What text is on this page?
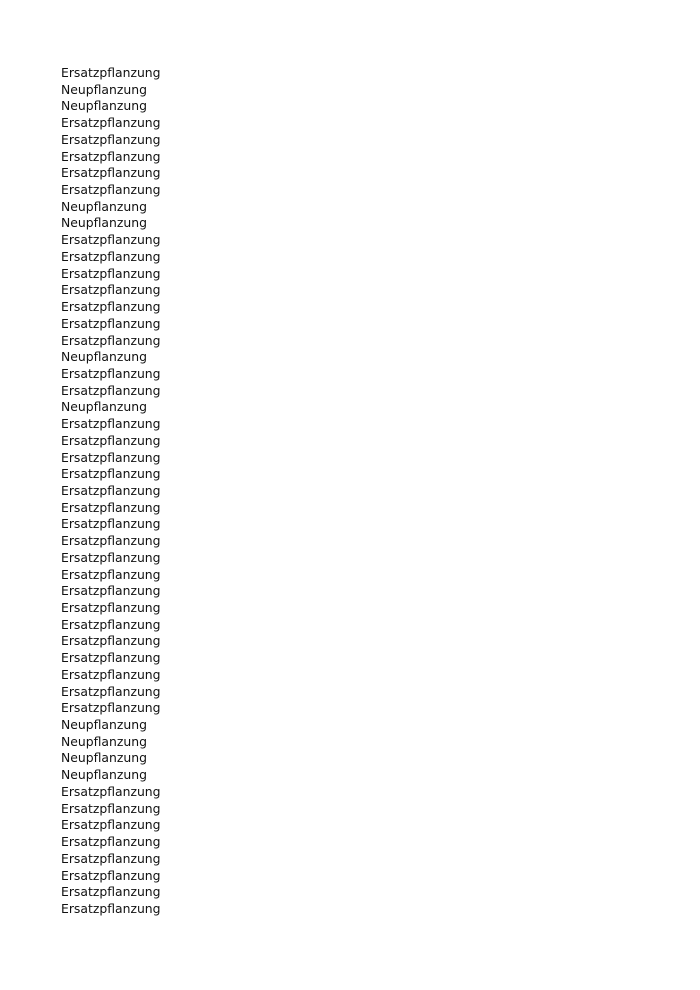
Ersatzpflanzung
Neupflanzung
Neupflanzung
Ersatzpflanzung
Ersatzpflanzung
Ersatzpflanzung
Ersatzpflanzung
Ersatzpflanzung
Neupflanzung
Neupflanzung
Ersatzpflanzung
Ersatzpflanzung
Ersatzpflanzung
Ersatzpflanzung
Ersatzpflanzung
Ersatzpflanzung
Ersatzpflanzung
Neupflanzung
Ersatzpflanzung
Ersatzpflanzung
Neupflanzung
Ersatzpflanzung
Ersatzpflanzung
Ersatzpflanzung
Ersatzpflanzung
Ersatzpflanzung
Ersatzpflanzung
Ersatzpflanzung
Ersatzpflanzung
Ersatzpflanzung
Ersatzpflanzung
Ersatzpflanzung
Ersatzpflanzung
Ersatzpflanzung
Ersatzpflanzung
Ersatzpflanzung
Ersatzpflanzung
Ersatzpflanzung
Ersatzpflanzung
Neupflanzung
Neupflanzung
Neupflanzung
Neupflanzung
Ersatzpflanzung
Ersatzpflanzung
Ersatzpflanzung
Ersatzpflanzung
Ersatzpflanzung
Ersatzpflanzung
Ersatzpflanzung
Ersatzpflanzung
